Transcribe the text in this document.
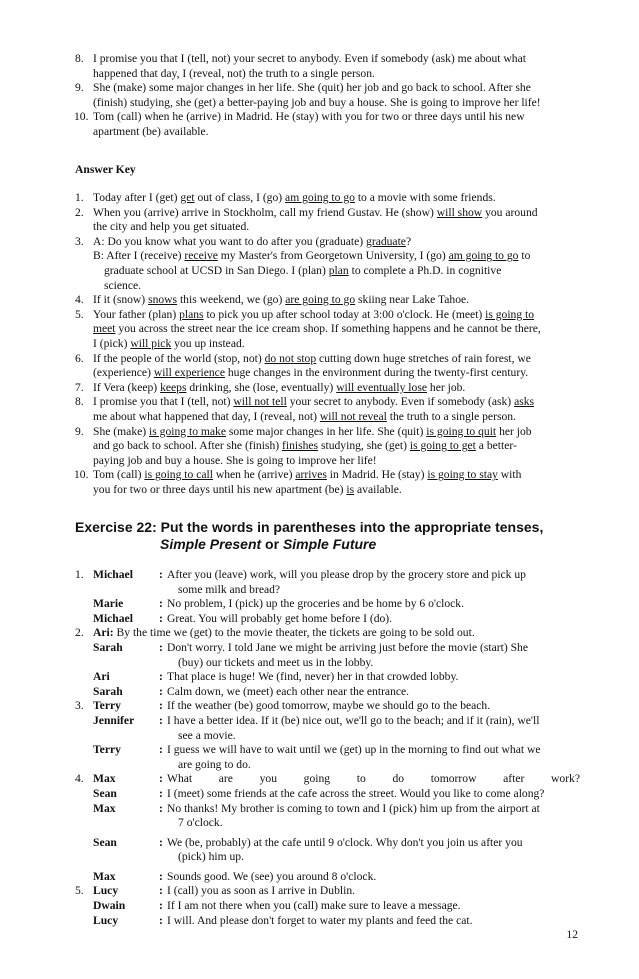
8. I promise you that I (tell, not) your secret to anybody. Even if somebody (ask) me about what
happened that day, I (reveal, not) the truth to a single person.
9. She (make) some major changes in her life. She (quit) her job and go back to school. After she
(finish) studying, she (get) a better-paying job and buy a house. She is going to improve her life!
10. Tom (call) when he (arrive) in Madrid. He (stay) with you for two or three days until his new
apartment (be) available.
Answer Key
1. Today after I (get) get out of class, I (go) am going to go to a movie with some friends.
2. When you (arrive) arrive in Stockholm, call my friend Gustav. He (show) will show you around
the city and help you get situated.
3. A: Do you know what you want to do after you (graduate) graduate?
B: After I (receive) receive my Master's from Georgetown University, I (go) am going to go to
graduate school at UCSD in San Diego. I (plan) plan to complete a Ph.D. in cognitive
science.
4. If it (snow) snows this weekend, we (go) are going to go skiing near Lake Tahoe.
5. Your father (plan) plans to pick you up after school today at 3:00 o'clock. He (meet) is going to
meet you across the street near the ice cream shop. If something happens and he cannot be there,
I (pick) will pick you up instead.
6. If the people of the world (stop, not) do not stop cutting down huge stretches of rain forest, we
(experience) will experience huge changes in the environment during the twenty-first century.
7. If Vera (keep) keeps drinking, she (lose, eventually) will eventually lose her job.
8. I promise you that I (tell, not) will not tell your secret to anybody. Even if somebody (ask) asks
me about what happened that day, I (reveal, not) will not reveal the truth to a single person.
9. She (make) is going to make some major changes in her life. She (quit) is going to quit her job
and go back to school. After she (finish) finishes studying, she (get) is going to get a better-
paying job and buy a house. She is going to improve her life!
10. Tom (call) is going to call when he (arrive) arrives in Madrid. He (stay) is going to stay with
you for two or three days until his new apartment (be) is available.
Exercise 22: Put the words in parentheses into the appropriate tenses,
Simple Present or Simple Future
1. Michael : After you (leave) work, will you please drop by the grocery store and pick up
some milk and bread?
Marie	: No problem, I (pick) up the groceries and be home by 6 o'clock.
Michael : Great. You will probably get home before I (do).
2. Ari: By the time we (get) to the movie theater, the tickets are going to be sold out.
Sarah	: Don't worry. I told Jane we might be arriving just before the movie (start) She
(buy) our tickets and meet us in the lobby.
Ari	: That place is huge! We (find, never) her in that crowded lobby.
Sarah	: Calm down, we (meet) each other near the entrance.
3. Terry	: If the weather (be) good tomorrow, maybe we should go to the beach.
Jennifer : I have a better idea. If it (be) nice out, we'll go to the beach; and if it (rain), we'll
see a movie.
Terry	: I guess we will have to wait until we (get) up in the morning to find out what we
are going to do.
4. Max	: What are you going to do tomorrow after work?
Sean	: I (meet) some friends at the cafe across the street. Would you like to come along?
Max	: No thanks! My brother is coming to town and I (pick) him up from the airport at
7 o'clock.
Sean	: We (be, probably) at the cafe until 9 o'clock. Why don't you join us after you
(pick) him up.
Max	: Sounds good. We (see) you around 8 o'clock.
5. Lucy	: I (call) you as soon as I arrive in Dublin.
Dwain	: If I am not there when you (call) make sure to leave a message.
Lucy	: I will. And please don't forget to water my plants and feed the cat.
12
